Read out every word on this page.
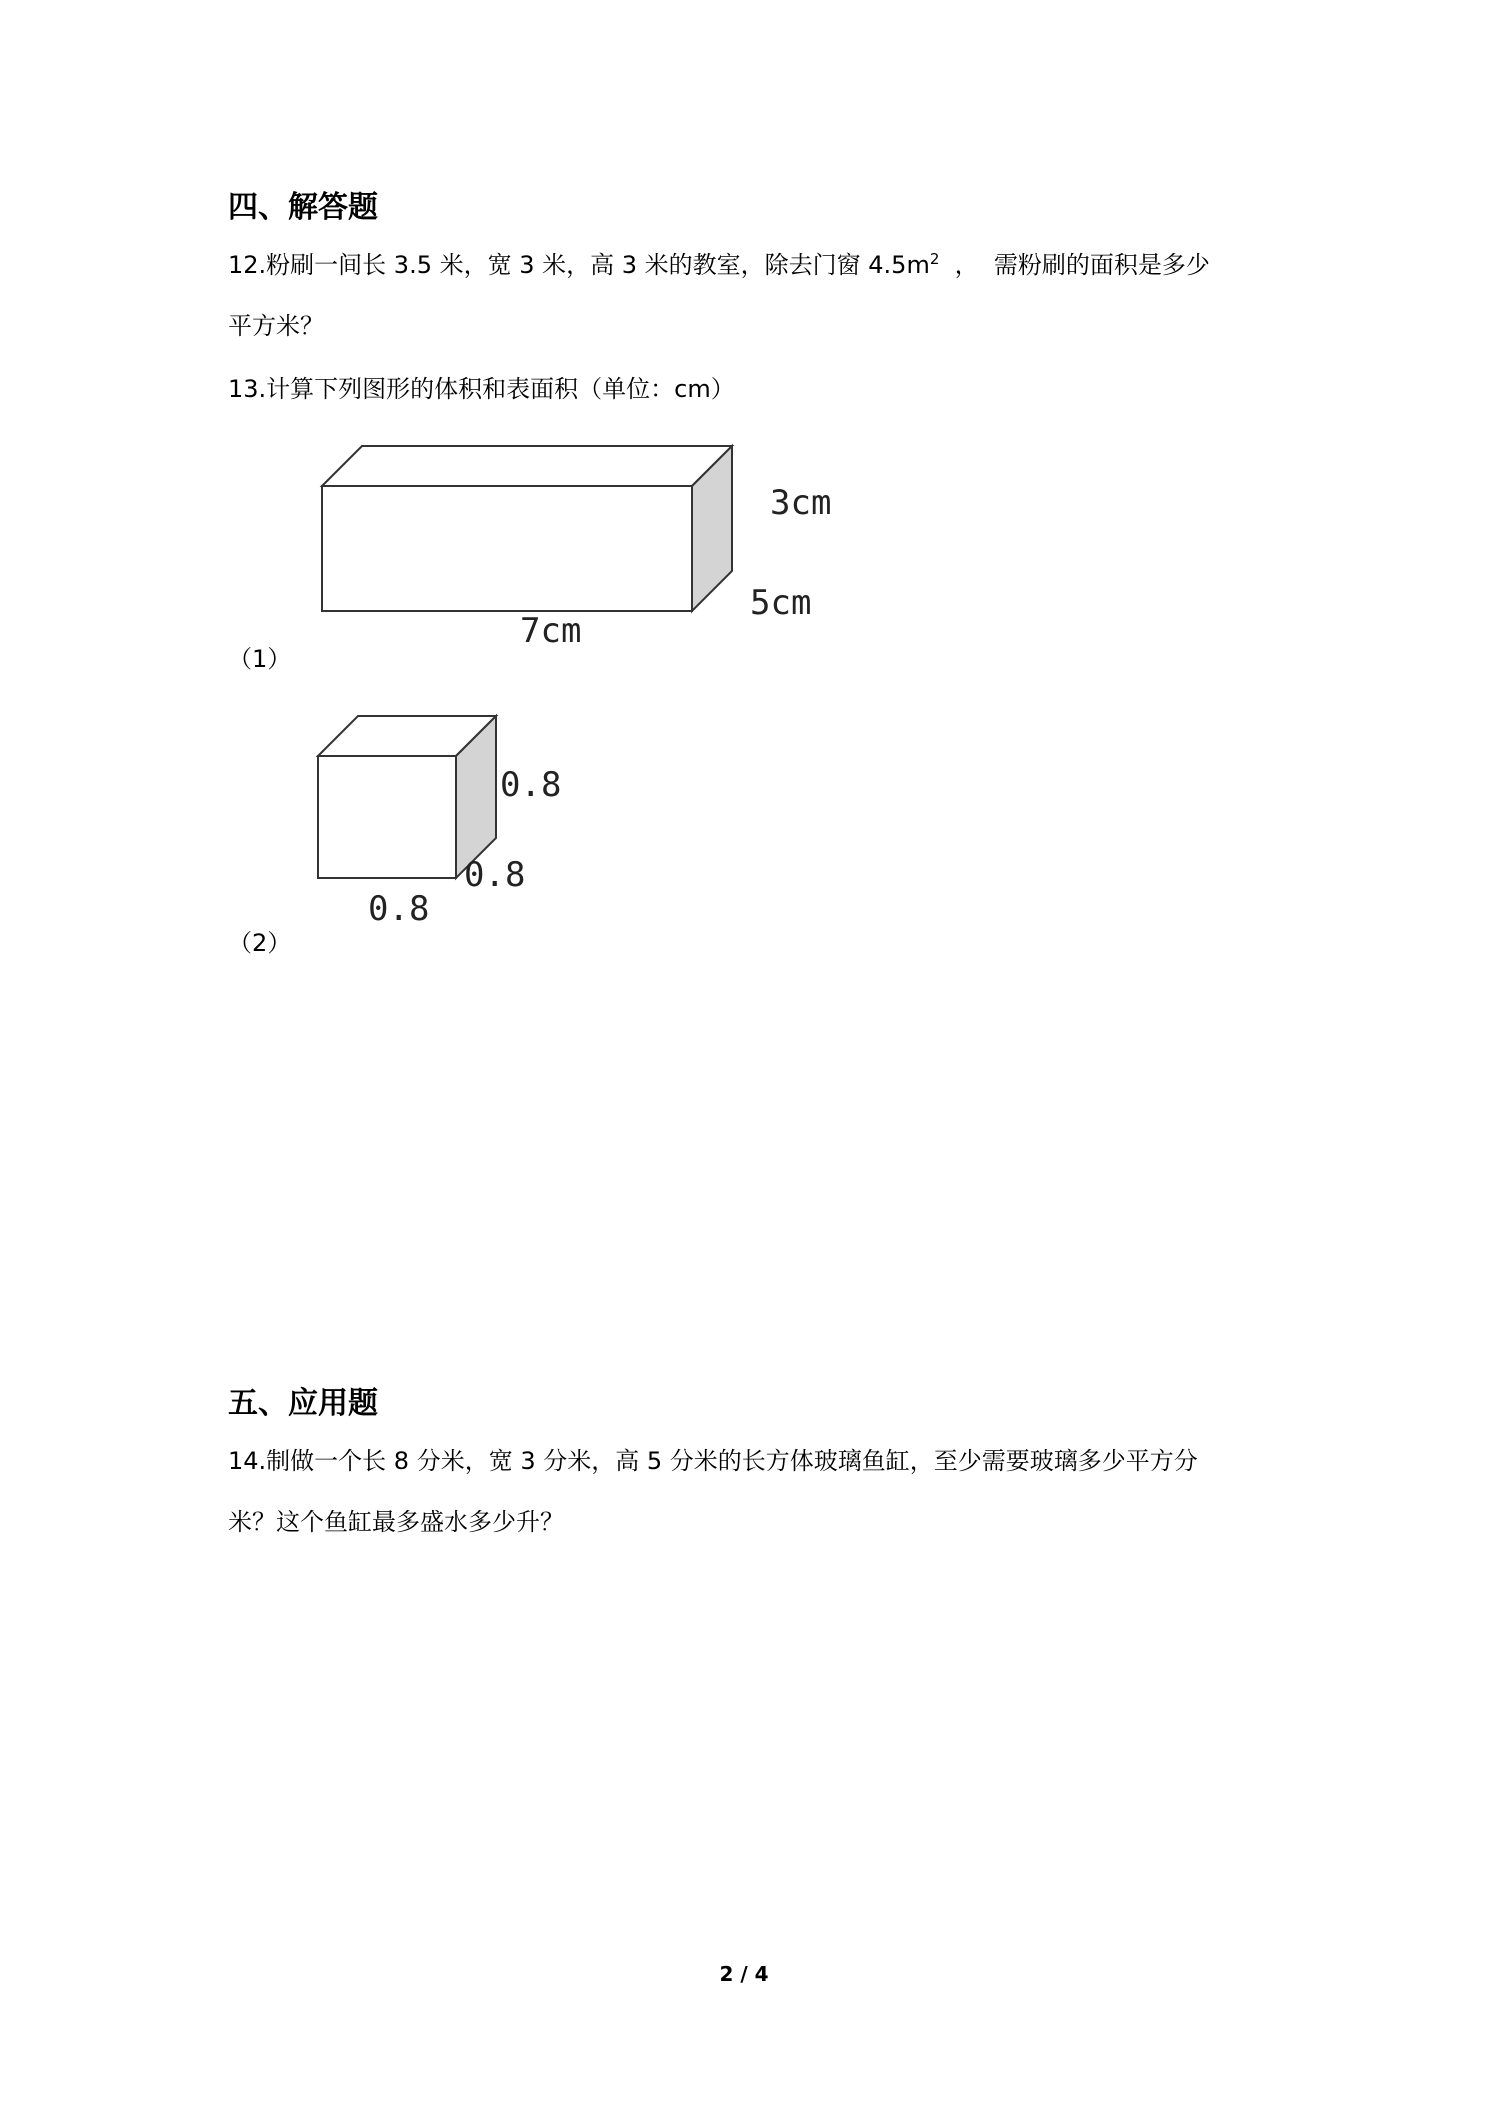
四、解答题
12.粉刷一间长 3.5 米，宽 3 米，高 3 米的教室，除去门窗 $4.5m^2$  ，  需粉刷的面积是多少
平方米？
13.计算下列图形的体积和表面积（单位：cm）
3cm
5cm
7cm
（1）
0.8
0.8
0.8
（2）
五、应用题
14.制做一个长 8 分米，宽 3 分米，高 5 分米的长方体玻璃鱼缸，至少需要玻璃多少平方分
米？这个鱼缸最多盛水多少升？
2 / 4
